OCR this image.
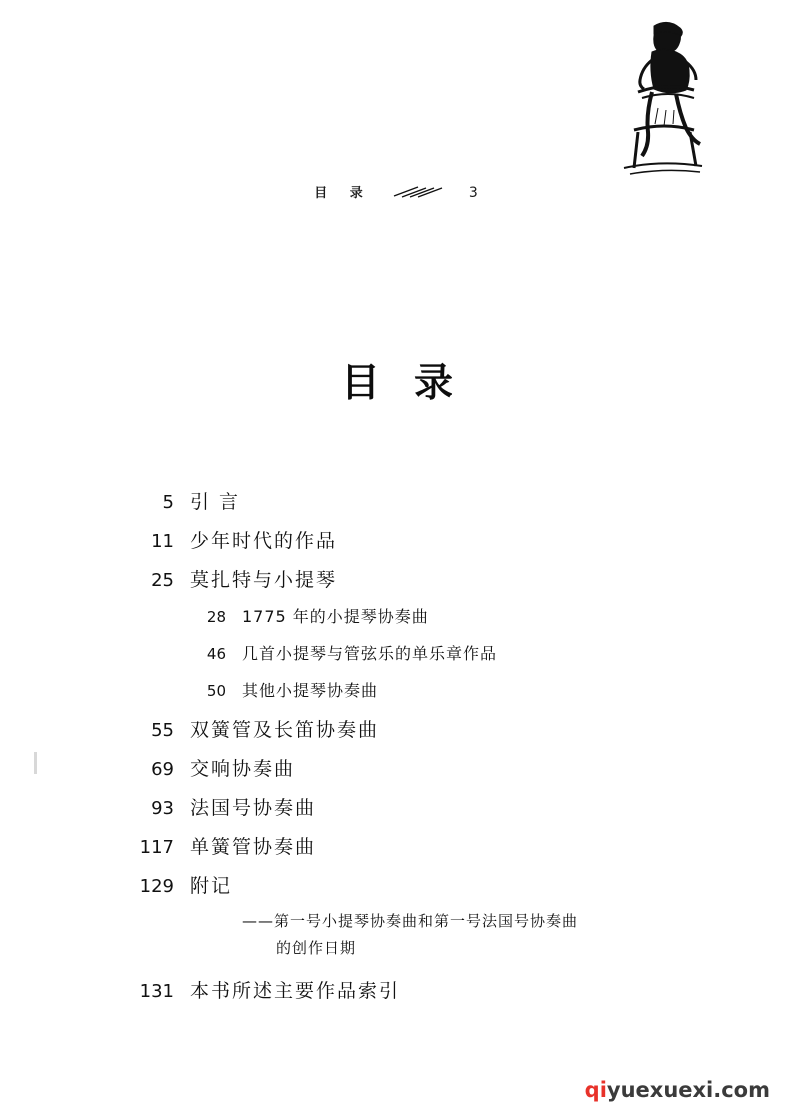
目 录	3
目录
5 引 言
11 少年时代的作品
25 莫扎特与小提琴
28 1775 年的小提琴协奏曲
46 几首小提琴与管弦乐的单乐章作品
50 其他小提琴协奏曲
55 双簧管及长笛协奏曲
69 交响协奏曲
93 法国号协奏曲
117 单簧管协奏曲
129 附记
——第一号小提琴协奏曲和第一号法国号协奏曲
的创作日期
131 本书所述主要作品索引
qiyuexuexi.com
